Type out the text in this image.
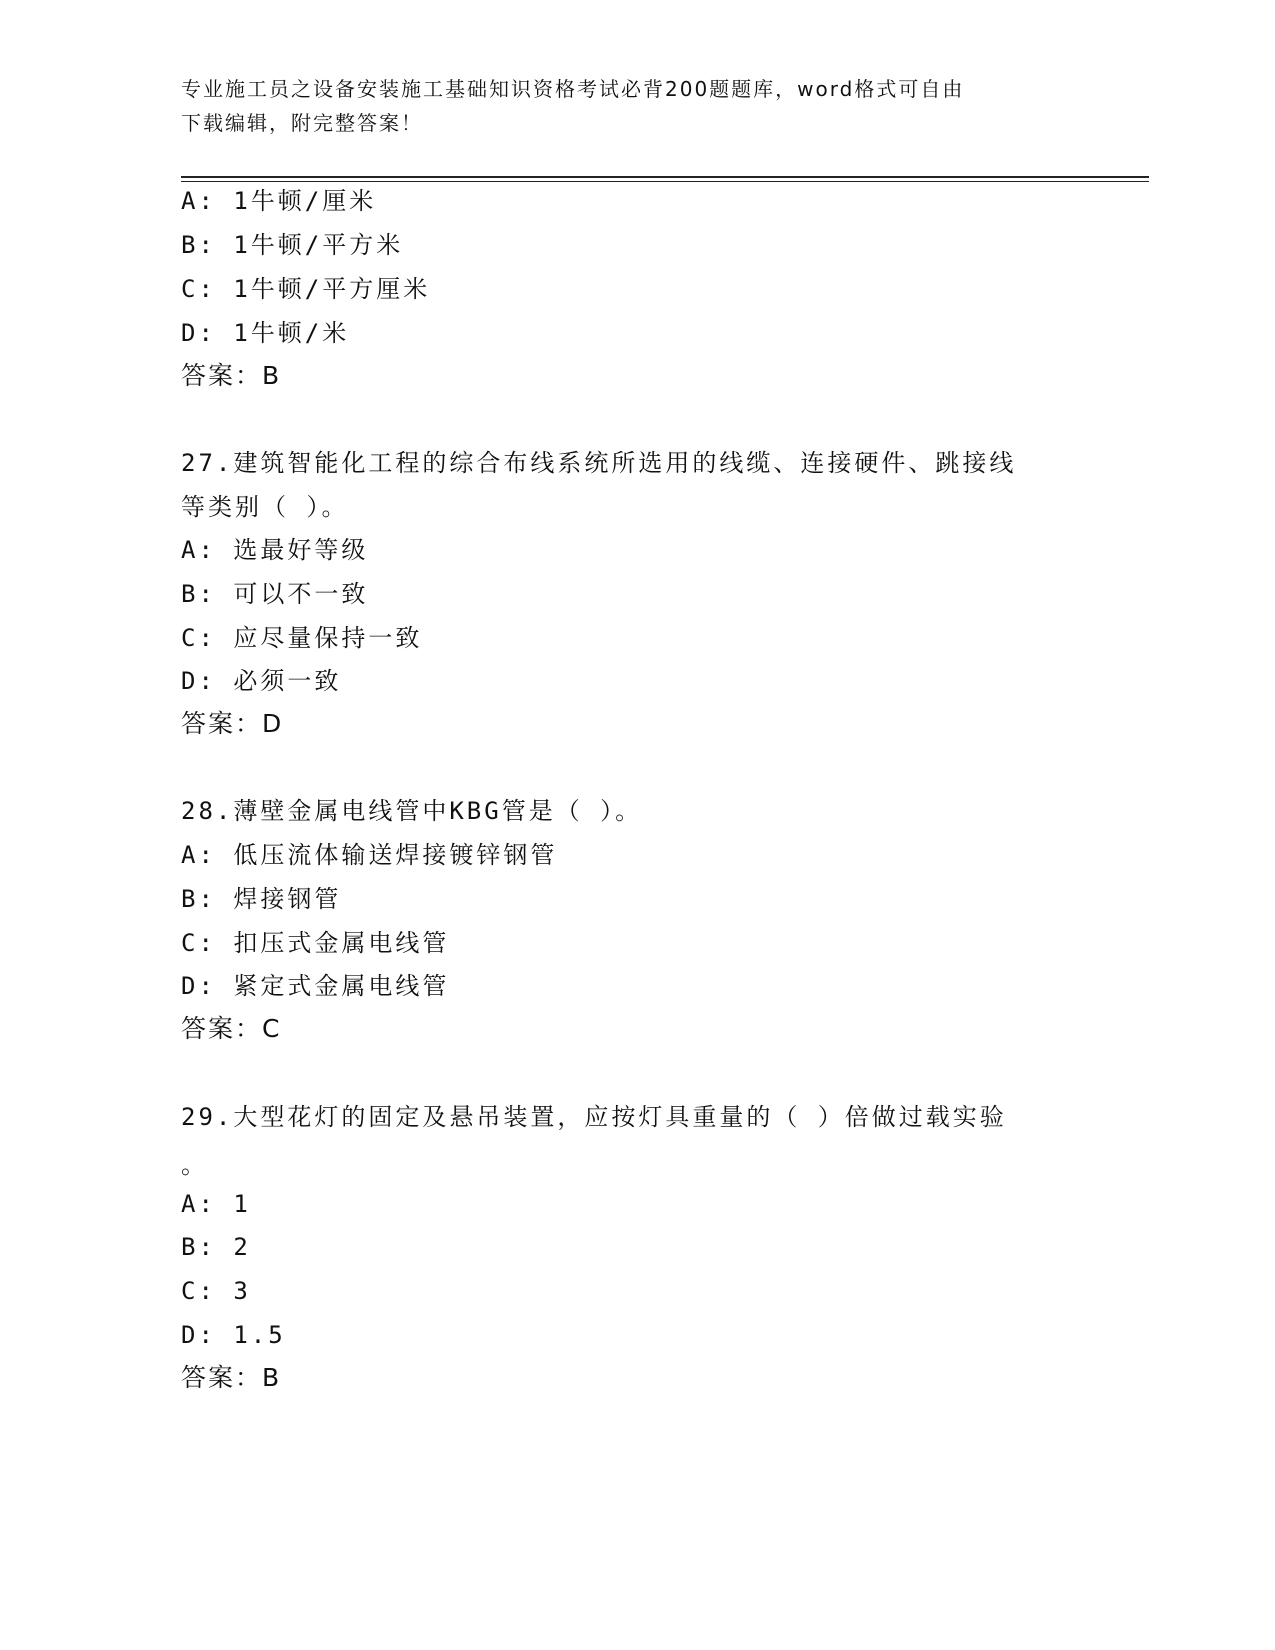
专业施工员之设备安装施工基础知识资格考试必背200题题库，word格式可自由
下载编辑，附完整答案！
A: 1牛顿/厘米
B: 1牛顿/平方米
C: 1牛顿/平方厘米
D: 1牛顿/米
答案：B
27.建筑智能化工程的综合布线系统所选用的线缆、连接硬件、跳接线
等类别（ ）。
A: 选最好等级
B: 可以不一致
C: 应尽量保持一致
D: 必须一致
答案：D
28.薄壁金属电线管中KBG管是（ ）。
A: 低压流体输送焊接镀锌钢管
B: 焊接钢管
C: 扣压式金属电线管
D: 紧定式金属电线管
答案：C
29.大型花灯的固定及悬吊装置，应按灯具重量的（ ）倍做过载实验
。
A: 1
B: 2
C: 3
D: 1.5
答案：B
